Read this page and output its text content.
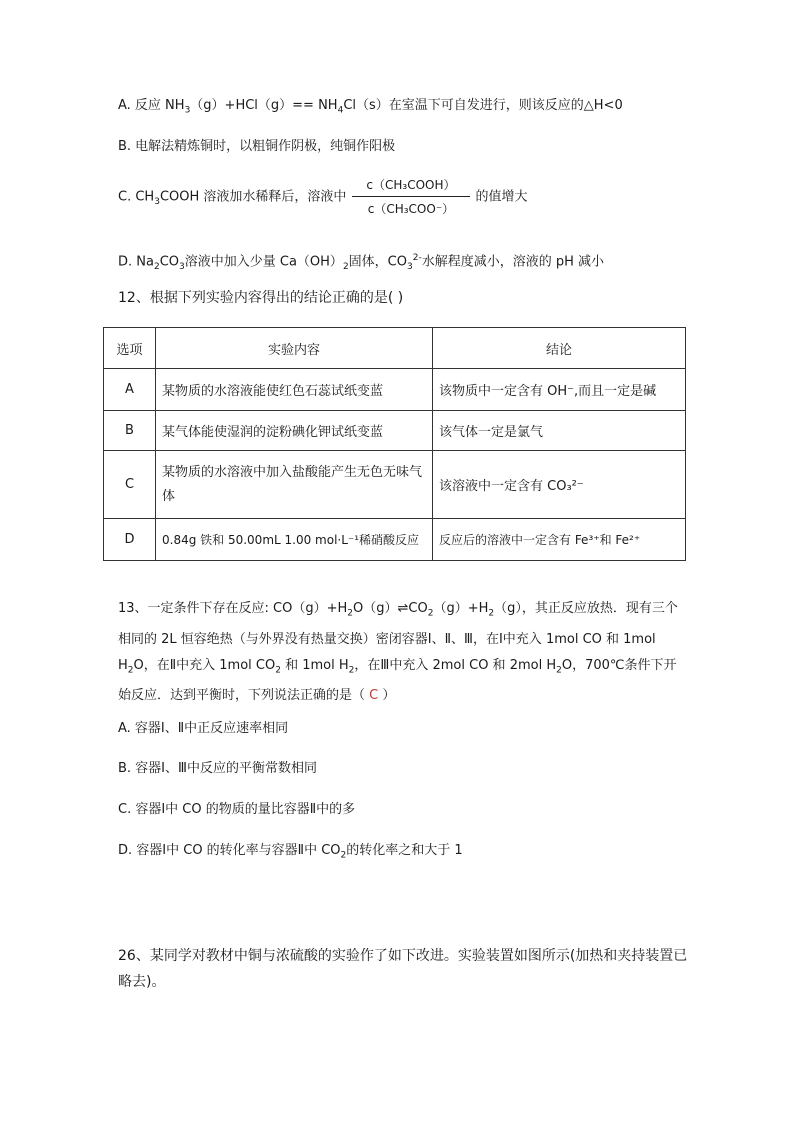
A. 反应 $NH_3(g)+HCl(g)== NH_4Cl(s)$在室温下可自发进行，则该反应的△H<0
B. 电解法精炼铜时，以粗铜作阴极，纯铜作阳极
C. $CH_3COOH$ 溶液加水稀释后，溶液中 $\frac{\text{c（CH₃COOH）}}{\text{c（CH₃COO⁻）}}$ 的值增大
D. $Na_2CO_3$溶液中加入少量 $Ca(OH)_2$固体，$CO_3^{2-}$水解程度减小，溶液的 pH 减小
12、根据下列实验内容得出的结论正确的是( )
选项	实验内容	结论
A	某物质的水溶液能使红色石蕊试纸变蓝	该物质中一定含有 OH⁻,而且一定是碱
B	某气体能使湿润的淀粉碘化钾试纸变蓝	该气体一定是氯气
C	某物质的水溶液中加入盐酸能产生无色无味气体	该溶液中一定含有 CO₃²⁻
D	0.84g 铁和 50.00mL 1.00 mol·L⁻¹稀硝酸反应	反应后的溶液中一定含有 Fe³⁺和 Fe²⁺
13、一定条件下存在反应: $CO(g)+H_2O(g)\rightleftharpoons CO_2(g)+H_2(g)$，其正反应放热．现有三个相同的 2L 恒容绝热（与外界没有热量交换）密闭容器Ⅰ、Ⅱ、Ⅲ，在Ⅰ中充入 1mol CO 和 1mol $H_2O$，在Ⅱ中充入 1mol $CO_2$ 和 1mol $H_2$，在Ⅲ中充入 2mol CO 和 2mol $H_2O$，700℃条件下开始反应．达到平衡时，下列说法正确的是（ C ）
A. 容器Ⅰ、Ⅱ中正反应速率相同
B. 容器Ⅰ、Ⅲ中反应的平衡常数相同
C. 容器Ⅰ中 CO 的物质的量比容器Ⅱ中的多
D. 容器Ⅰ中 CO 的转化率与容器Ⅱ中 $CO_2$的转化率之和大于 1
26、某同学对教材中铜与浓硫酸的实验作了如下改进。实验装置如图所示(加热和夹持装置已略去)。
